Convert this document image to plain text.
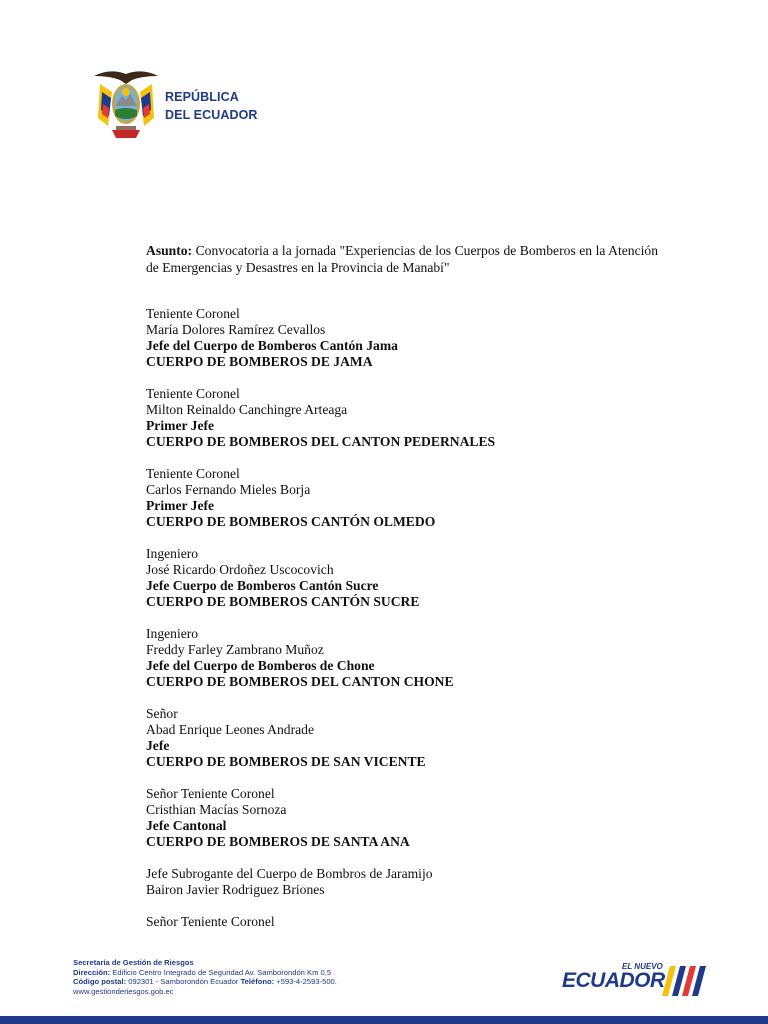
REPÚBLICA
DEL ECUADOR
Asunto: Convocatoria a la jornada "Experiencias de los Cuerpos de Bomberos en la Atención de Emergencias y Desastres en la Provincia de Manabí"
Teniente Coronel
María Dolores Ramírez Cevallos
Jefe del Cuerpo de Bomberos Cantón Jama
CUERPO DE BOMBEROS DE JAMA
Teniente Coronel
Milton Reinaldo Canchingre Arteaga
Primer Jefe
CUERPO DE BOMBEROS DEL CANTON PEDERNALES
Teniente Coronel
Carlos Fernando Mieles Borja
Primer Jefe
CUERPO DE BOMBEROS CANTÓN OLMEDO
Ingeniero
José Ricardo Ordoñez Uscocovich
Jefe Cuerpo de Bomberos Cantón Sucre
CUERPO DE BOMBEROS CANTÓN SUCRE
Ingeniero
Freddy Farley Zambrano Muñoz
Jefe del Cuerpo de Bomberos de Chone
CUERPO DE BOMBEROS DEL CANTON CHONE
Señor
Abad Enrique Leones Andrade
Jefe
CUERPO DE BOMBEROS DE SAN VICENTE
Señor Teniente Coronel
Cristhian Macías Sornoza
Jefe Cantonal
CUERPO DE BOMBEROS DE SANTA ANA
Jefe Subrogante del Cuerpo de Bombros de Jaramijo
Bairon Javier Rodriguez Briones
Señor Teniente Coronel
Secretaría de Gestión de Riesgos
Dirección: Edificio Centro Integrado de Seguridad Av. Samborondón Km 0,5
Código postal: 092301 - Samborondón Ecuador Teléfono: +593-4-2593-500.
www.gestionderiesgos.gob.ec
EL NUEVO
ECUADOR
